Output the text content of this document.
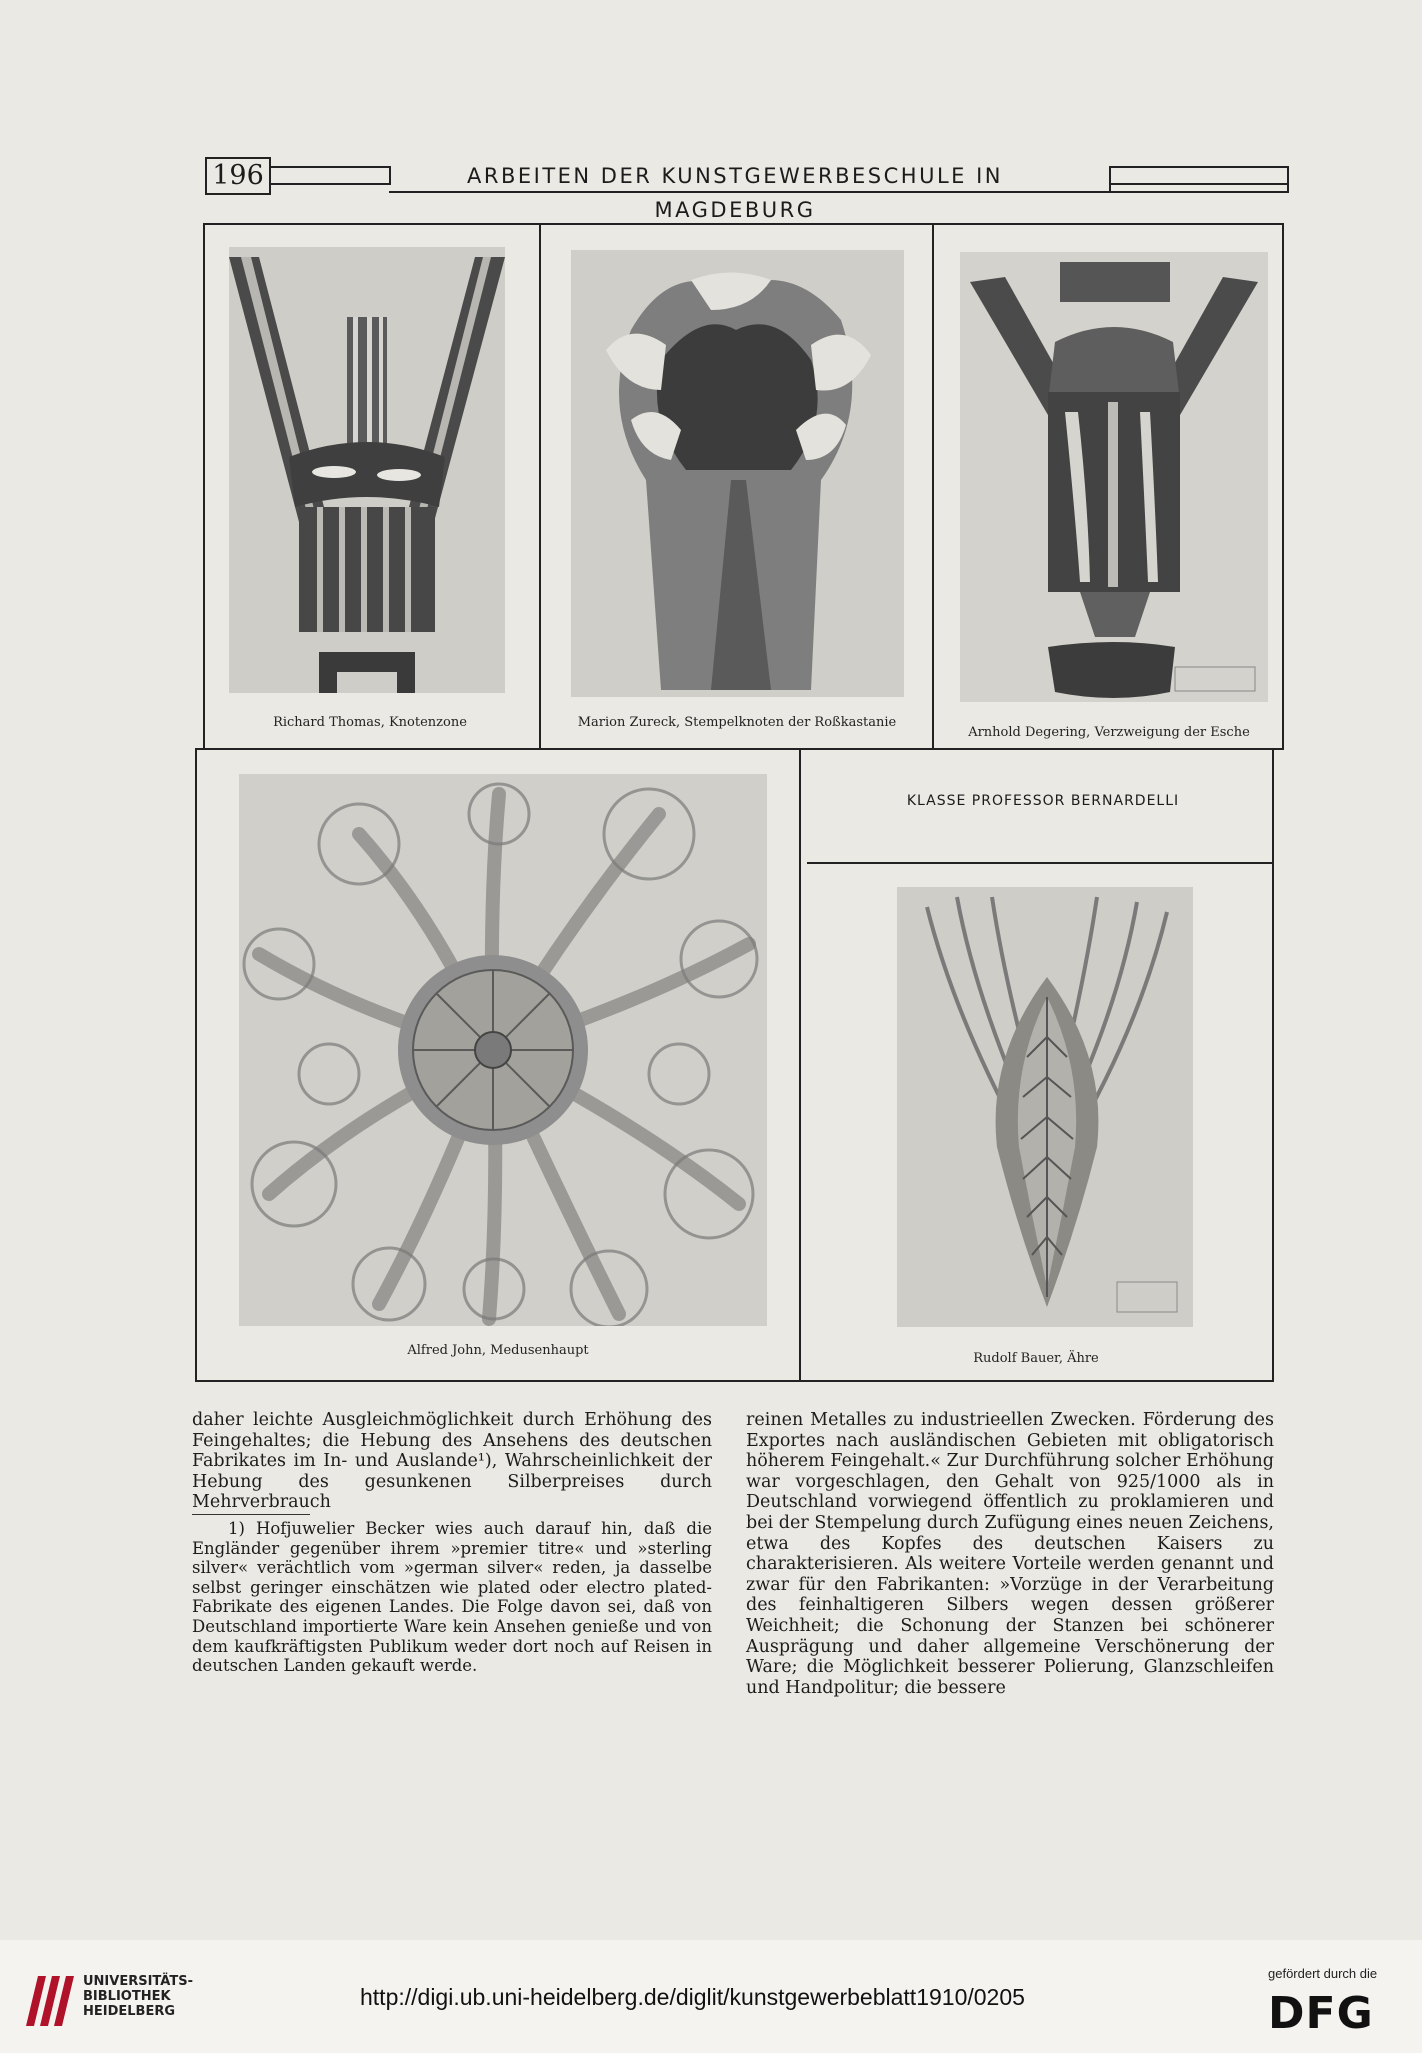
196	ARBEITEN DER KUNSTGEWERBESCHULE IN MAGDEBURG
Richard Thomas, Knotenzone	Marion Zureck, Stempelknoten der Roßkastanie
Arnhold Degering, Verzweigung der Esche
Alfred John, Medusenhaupt
KLASSE PROFESSOR BERNARDELLI
Rudolf Bauer, Ähre

daher leichte Ausgleichmöglichkeit durch Erhöhung des Feingehaltes; die Hebung des Ansehens des deutschen Fabrikates im In- und Auslande¹), Wahrscheinlichkeit der Hebung des gesunkenen Silberpreises durch Mehrverbrauch

1) Hofjuwelier Becker wies auch darauf hin, daß die Engländer gegenüber ihrem »premier titre« und »sterling silver« verächtlich vom »german silver« reden, ja dasselbe selbst geringer einschätzen wie plated oder electro plated-Fabrikate des eigenen Landes. Die Folge davon sei, daß von Deutschland importierte Ware kein Ansehen genieße und von dem kaufkräftigsten Publikum weder dort noch auf Reisen in deutschen Landen gekauft werde.

reinen Metalles zu industrieellen Zwecken. Förderung des Exportes nach ausländischen Gebieten mit obligatorisch höherem Feingehalt.« Zur Durchführung solcher Erhöhung war vorgeschlagen, den Gehalt von 925/1000 als in Deutschland vorwiegend öffentlich zu proklamieren und bei der Stempelung durch Zufügung eines neuen Zeichens, etwa des Kopfes des deutschen Kaisers zu charakterisieren. Als weitere Vorteile werden genannt und zwar für den Fabrikanten: »Vorzüge in der Verarbeitung des feinhaltigeren Silbers wegen dessen größerer Weichheit; die Schonung der Stanzen bei schönerer Ausprägung und daher allgemeine Verschönerung der Ware; die Möglichkeit besserer Polierung, Glanzschleifen und Handpolitur; die bessere

UNIVERSITÄTS-
BIBLIOTHEK
HEIDELBERG
http://digi.ub.uni-heidelberg.de/diglit/kunstgewerbeblatt1910/0205
gefördert durch die
DFG
